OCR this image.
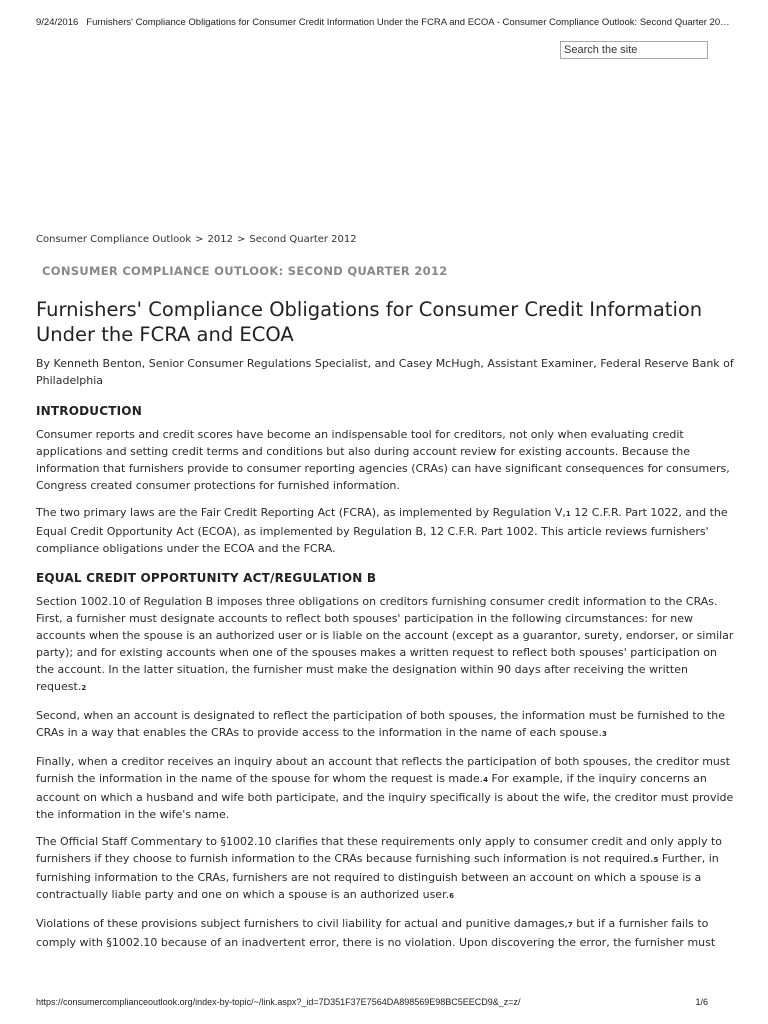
9/24/2016 Furnishers' Compliance Obligations for Consumer Credit Information Under the FCRA and ECOA - Consumer Compliance Outlook: Second Quarter 20…
Search the site
Consumer Compliance Outlook > 2012 > Second Quarter 2012
CONSUMER COMPLIANCE OUTLOOK: SECOND QUARTER 2012
Furnishers' Compliance Obligations for Consumer Credit Information Under the FCRA and ECOA

By Kenneth Benton, Senior Consumer Regulations Specialist, and Casey McHugh, Assistant Examiner, Federal Reserve Bank of Philadelphia

INTRODUCTION

Consumer reports and credit scores have become an indispensable tool for creditors, not only when evaluating credit applications and setting credit terms and conditions but also during account review for existing accounts. Because the information that furnishers provide to consumer reporting agencies (CRAs) can have significant consequences for consumers, Congress created consumer protections for furnished information.

The two primary laws are the Fair Credit Reporting Act (FCRA), as implemented by Regulation V,1 12 C.F.R. Part 1022, and the Equal Credit Opportunity Act (ECOA), as implemented by Regulation B, 12 C.F.R. Part 1002. This article reviews furnishers' compliance obligations under the ECOA and the FCRA.

EQUAL CREDIT OPPORTUNITY ACT/REGULATION B

Section 1002.10 of Regulation B imposes three obligations on creditors furnishing consumer credit information to the CRAs. First, a furnisher must designate accounts to reflect both spouses' participation in the following circumstances: for new accounts when the spouse is an authorized user or is liable on the account (except as a guarantor, surety, endorser, or similar party); and for existing accounts when one of the spouses makes a written request to reflect both spouses' participation on the account. In the latter situation, the furnisher must make the designation within 90 days after receiving the written request.2

Second, when an account is designated to reflect the participation of both spouses, the information must be furnished to the CRAs in a way that enables the CRAs to provide access to the information in the name of each spouse.3

Finally, when a creditor receives an inquiry about an account that reflects the participation of both spouses, the creditor must furnish the information in the name of the spouse for whom the request is made.4 For example, if the inquiry concerns an account on which a husband and wife both participate, and the inquiry specifically is about the wife, the creditor must provide the information in the wife's name.

The Official Staff Commentary to §1002.10 clarifies that these requirements only apply to consumer credit and only apply to furnishers if they choose to furnish information to the CRAs because furnishing such information is not required.5 Further, in furnishing information to the CRAs, furnishers are not required to distinguish between an account on which a spouse is a contractually liable party and one on which a spouse is an authorized user.6

Violations of these provisions subject furnishers to civil liability for actual and punitive damages,7 but if a furnisher fails to comply with §1002.10 because of an inadvertent error, there is no violation. Upon discovering the error, the furnisher must

https://consumercomplianceoutlook.org/index-by-topic/~/link.aspx?_id=7D351F37E7564DA898569E98BC5EECD9&_z=z/	1/6
